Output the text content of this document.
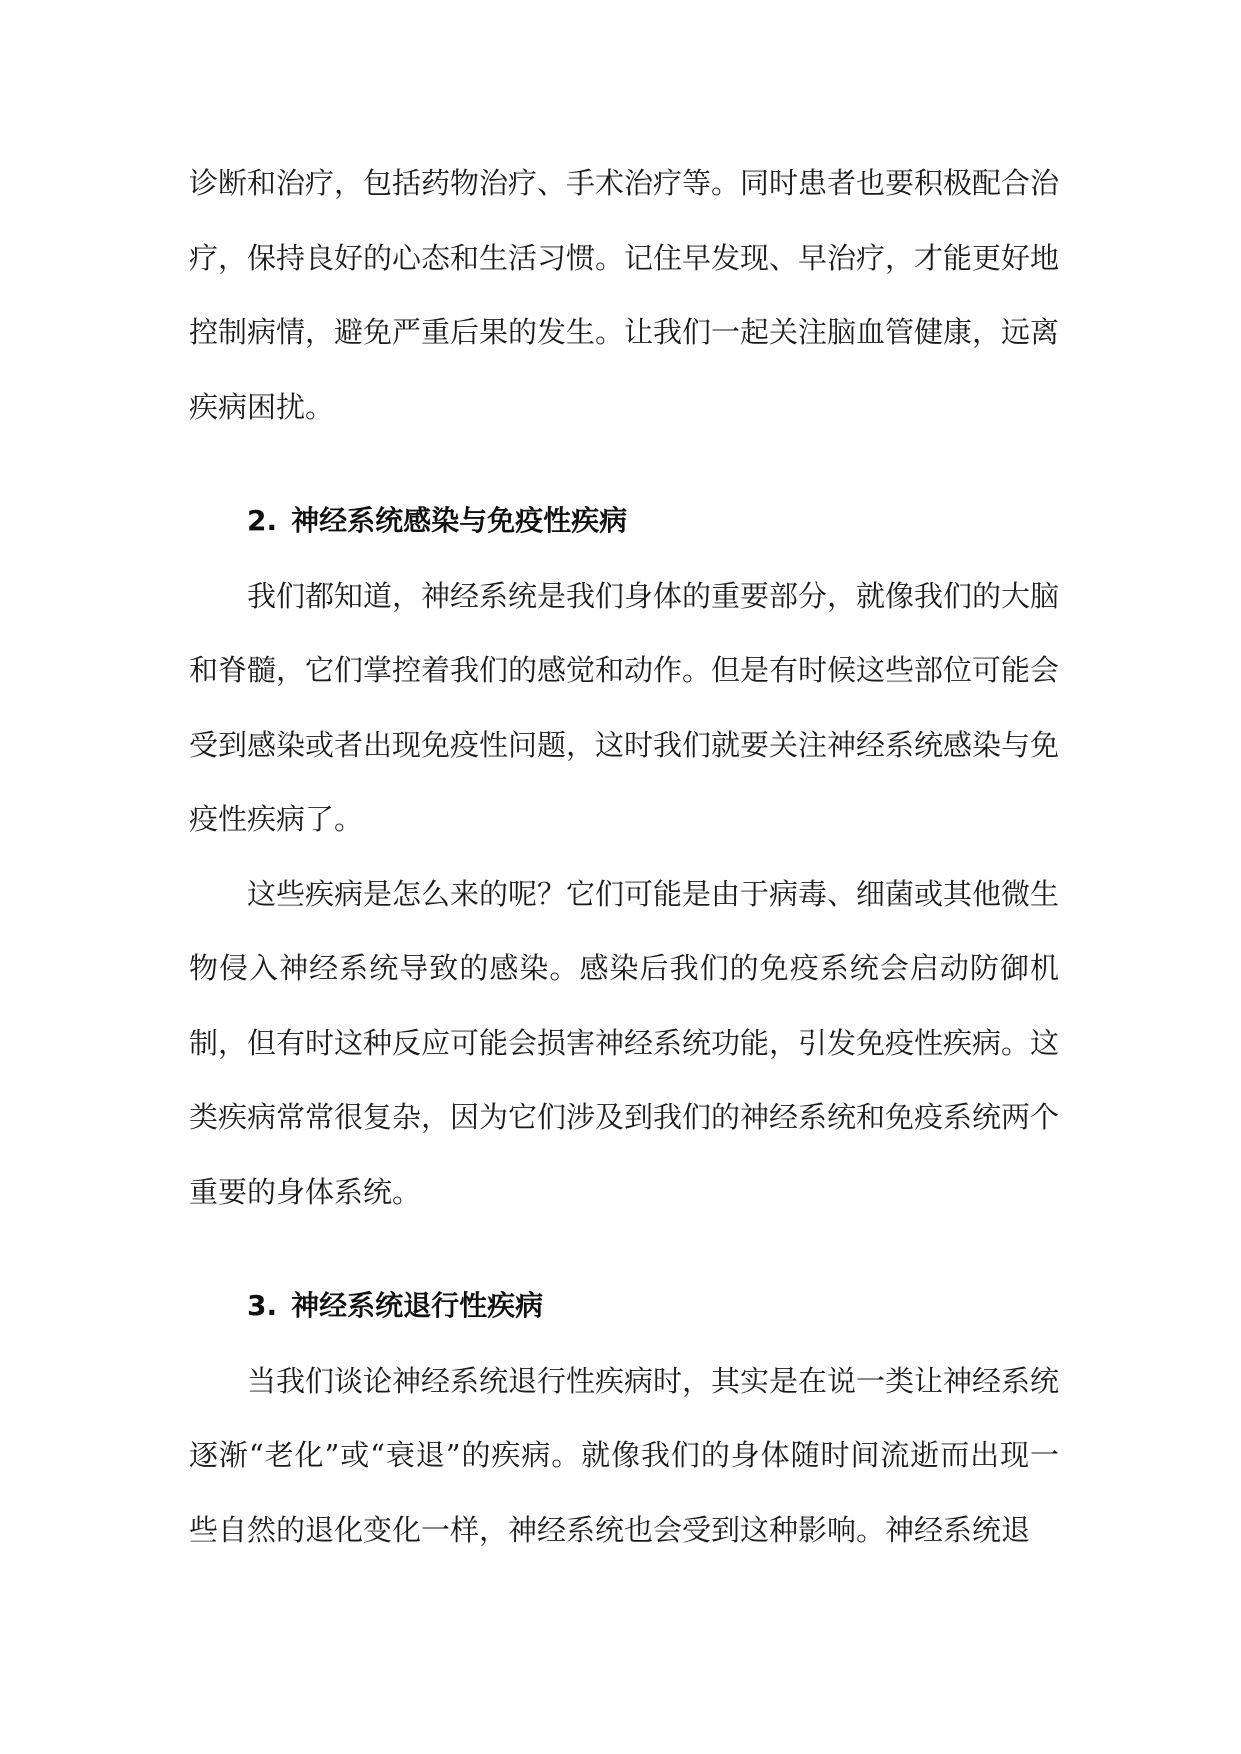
诊断和治疗，包括药物治疗、手术治疗等。同时患者也要积极配合治疗，保持良好的心态和生活习惯。记住早发现、早治疗，才能更好地控制病情，避免严重后果的发生。让我们一起关注脑血管健康，远离疾病困扰。

2. 神经系统感染与免疫性疾病

我们都知道，神经系统是我们身体的重要部分，就像我们的大脑和脊髓，它们掌控着我们的感觉和动作。但是有时候这些部位可能会受到感染或者出现免疫性问题，这时我们就要关注神经系统感染与免疫性疾病了。

这些疾病是怎么来的呢？它们可能是由于病毒、细菌或其他微生物侵入神经系统导致的感染。感染后我们的免疫系统会启动防御机制，但有时这种反应可能会损害神经系统功能，引发免疫性疾病。这类疾病常常很复杂，因为它们涉及到我们的神经系统和免疫系统两个重要的身体系统。

3. 神经系统退行性疾病

当我们谈论神经系统退行性疾病时，其实是在说一类让神经系统逐渐“老化”或“衰退”的疾病。就像我们的身体随时间流逝而出现一些自然的退化变化一样，神经系统也会受到这种影响。神经系统退
